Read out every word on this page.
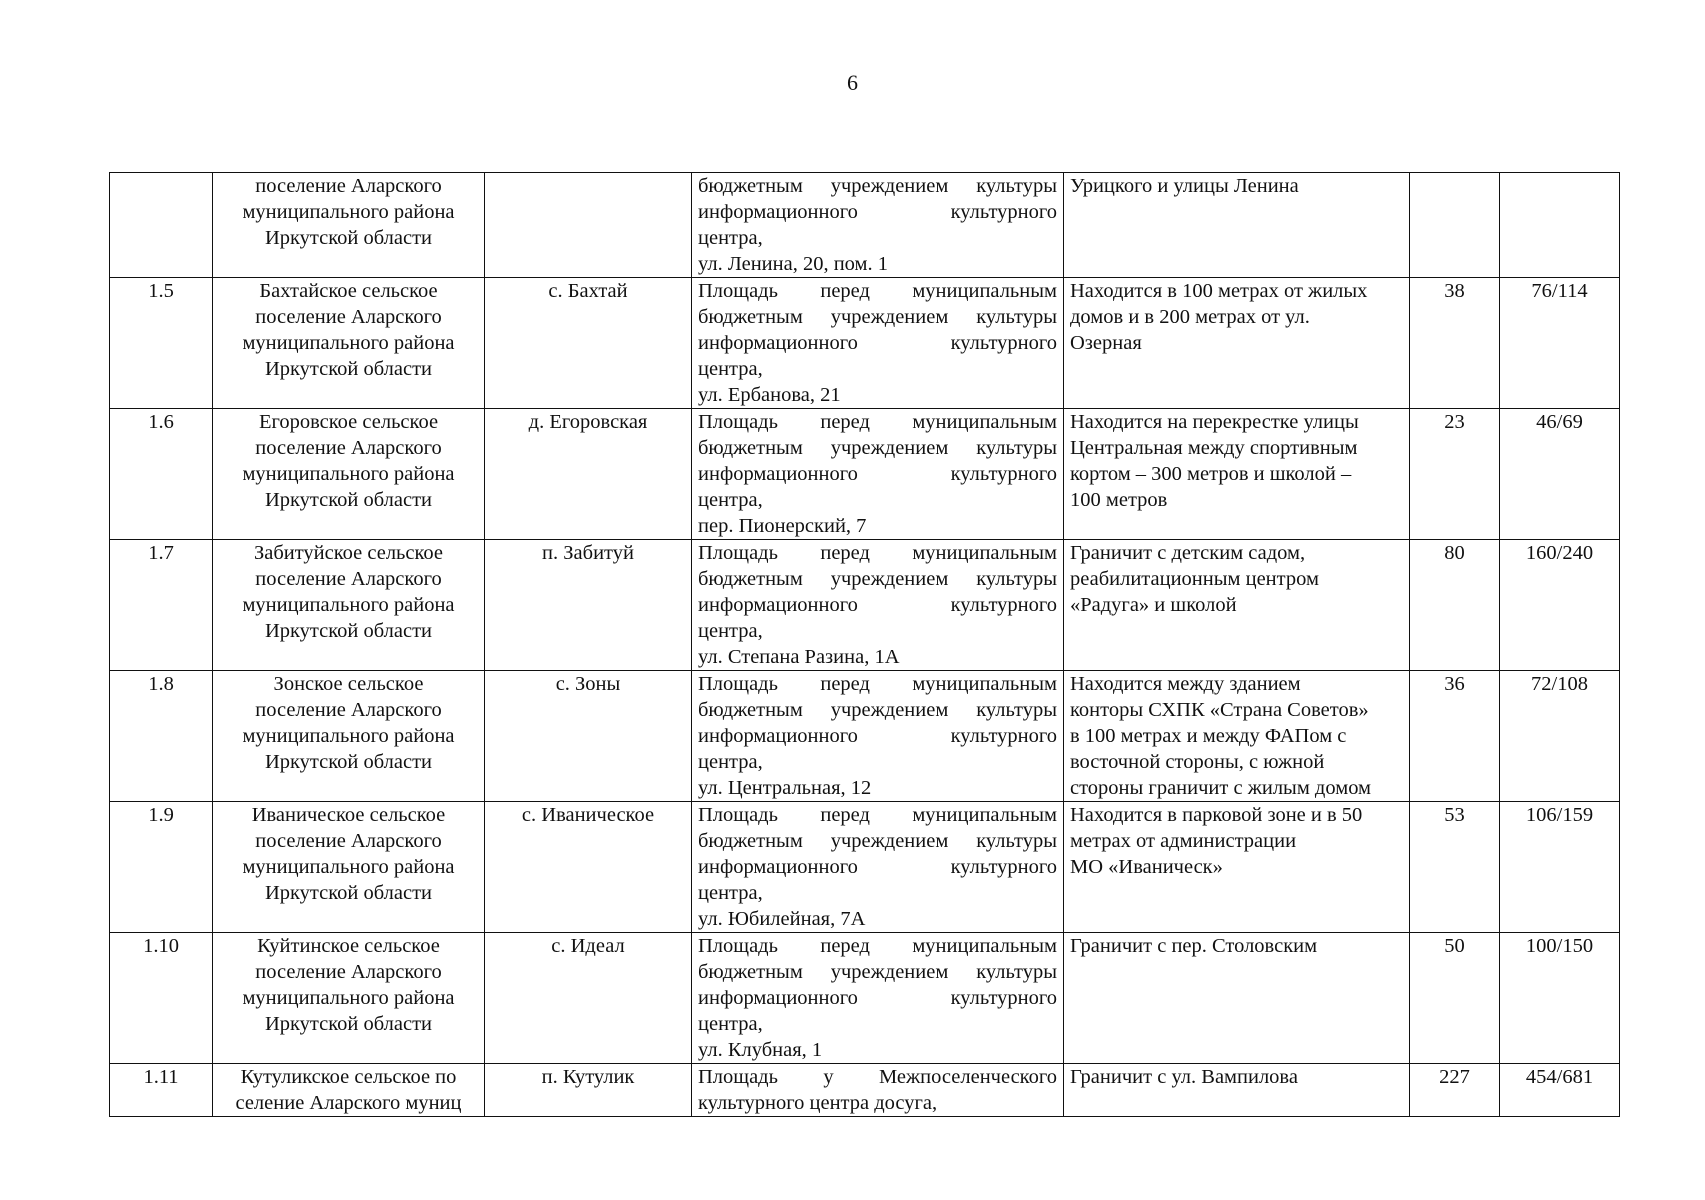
6

	поселение Аларского
муниципального района
Иркутской области		бюджетным учреждением культуры
информационного культурного
центра,
ул. Ленина, 20, пом. 1	Урицкого и улицы Ленина		

1.5	Бахтайское сельское
поселение Аларского
муниципального района
Иркутской области	с. Бахтай	Площадь перед муниципальным
бюджетным учреждением культуры
информационного культурного
центра,
ул. Ербанова, 21	Находится в 100 метрах от жилых
домов и в 200 метрах от ул.
Озерная	38	76/114
1.6	Егоровское сельское
поселение Аларского
муниципального района
Иркутской области	д. Егоровская	Площадь перед муниципальным
бюджетным учреждением культуры
информационного культурного
центра,
пер. Пионерский, 7	Находится на перекрестке улицы
Центральная между спортивным
кортом – 300 метров и школой –
100 метров	23	46/69
1.7	Забитуйское сельское
поселение Аларского
муниципального района
Иркутской области	п. Забитуй	Площадь перед муниципальным
бюджетным учреждением культуры
информационного культурного
центра,
ул. Степана Разина, 1А	Граничит с детским садом,
реабилитационным центром
«Радуга» и школой	80	160/240
1.8	Зонское сельское
поселение Аларского
муниципального района
Иркутской области	с. Зоны	Площадь перед муниципальным
бюджетным учреждением культуры
информационного культурного
центра,
ул. Центральная, 12	Находится между зданием
конторы СХПК «Страна Советов»
в 100 метрах и между ФАПом с
восточной стороны, с южной
стороны граничит с жилым домом	36	72/108
1.9	Иваническое сельское
поселение Аларского
муниципального района
Иркутской области	с. Иваническое	Площадь перед муниципальным
бюджетным учреждением культуры
информационного культурного
центра,
ул. Юбилейная, 7А	Находится в парковой зоне и в 50
метрах от администрации
МО «Иваническ»	53	106/159
1.10	Куйтинское сельское
поселение Аларского
муниципального района
Иркутской области	с. Идеал	Площадь перед муниципальным
бюджетным учреждением культуры
информационного культурного
центра,
ул. Клубная, 1	Граничит с пер. Столовским	50	100/150
1.11	Кутуликское сельское по
селение Аларского муниц	п. Кутулик	Площадь у Межпоселенческого
культурного центра досуга,	Граничит с ул. Вампилова	227	454/681
